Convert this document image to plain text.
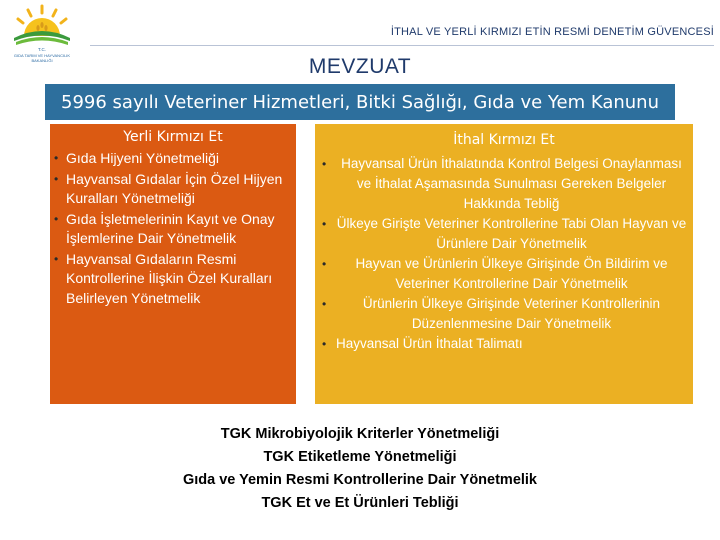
T.C.
GIDA TARIM VE HAYVANCILIK
BAKANLIĞI
İTHAL VE YERLİ KIRMIZI ETİN RESMİ DENETİM GÜVENCESİ
MEVZUAT
5996 sayılı Veteriner Hizmetleri, Bitki Sağlığı, Gıda ve Yem Kanunu
Yerli Kırmızı Et
• Gıda Hijyeni Yönetmeliği
• Hayvansal Gıdalar İçin Özel Hijyen Kuralları Yönetmeliği
• Gıda İşletmelerinin Kayıt ve Onay İşlemlerine Dair Yönetmelik
• Hayvansal Gıdaların Resmi Kontrollerine İlişkin Özel Kuralları Belirleyen Yönetmelik
İthal Kırmızı Et
• Hayvansal Ürün İthalatında Kontrol Belgesi Onaylanması ve İthalat Aşamasında Sunulması Gereken Belgeler Hakkında Tebliğ
• Ülkeye Girişte Veteriner Kontrollerine Tabi Olan Hayvan ve Ürünlere Dair Yönetmelik
• Hayvan ve Ürünlerin Ülkeye Girişinde Ön Bildirim ve Veteriner Kontrollerine Dair Yönetmelik
• Ürünlerin Ülkeye Girişinde Veteriner Kontrollerinin Düzenlenmesine Dair Yönetmelik
• Hayvansal Ürün İthalat Talimatı
TGK Mikrobiyolojik Kriterler Yönetmeliği
TGK Etiketleme Yönetmeliği
Gıda ve Yemin Resmi Kontrollerine Dair Yönetmelik
TGK Et ve Et Ürünleri Tebliği
